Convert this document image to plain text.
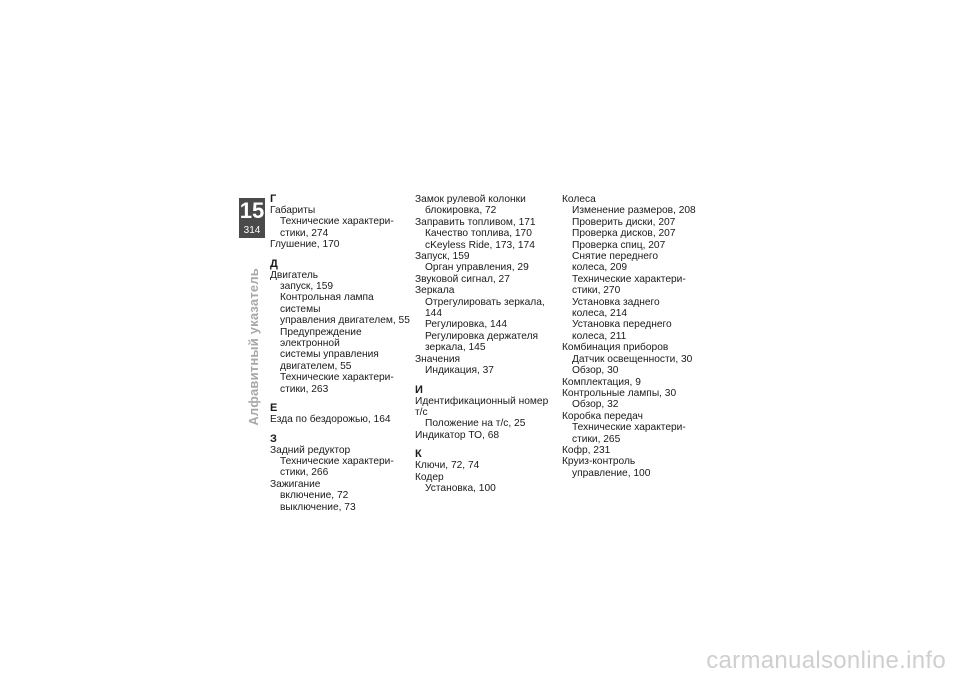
15
314
Алфавитный указатель
Г
Габариты
Технические характери-
стики, 274
Глушение, 170
Д
Двигатель
запуск, 159
Контрольная лампа системы
управления двигателем, 55
Предупреждение электронной
системы управления
двигателем, 55
Технические характери-
стики, 263
Е
Езда по бездорожью, 164
З
Задний редуктор
Технические характери-
стики, 266
Зажигание
включение, 72
выключение, 73
Замок рулевой колонки
блокировка, 72
Заправить топливом, 171
Качество топлива, 170
cKeyless Ride, 173, 174
Запуск, 159
Орган управления, 29
Звуковой сигнал, 27
Зеркала
Отрегулировать зеркала, 144
Регулировка, 144
Регулировка держателя
зеркала, 145
Значения
Индикация, 37
И
Идентификационный номер т/с
Положение на т/с, 25
Индикатор ТО, 68
К
Ключи, 72, 74
Кодер
Установка, 100
Колеса
Изменение размеров, 208
Проверить диски, 207
Проверка дисков, 207
Проверка спиц, 207
Снятие переднего
колеса, 209
Технические характери-
стики, 270
Установка заднего
колеса, 214
Установка переднего
колеса, 211
Комбинация приборов
Датчик освещенности, 30
Обзор, 30
Комплектация, 9
Контрольные лампы, 30
Обзор, 32
Коробка передач
Технические характери-
стики, 265
Кофр, 231
Круиз-контроль
управление, 100
carmanualsonline.info
